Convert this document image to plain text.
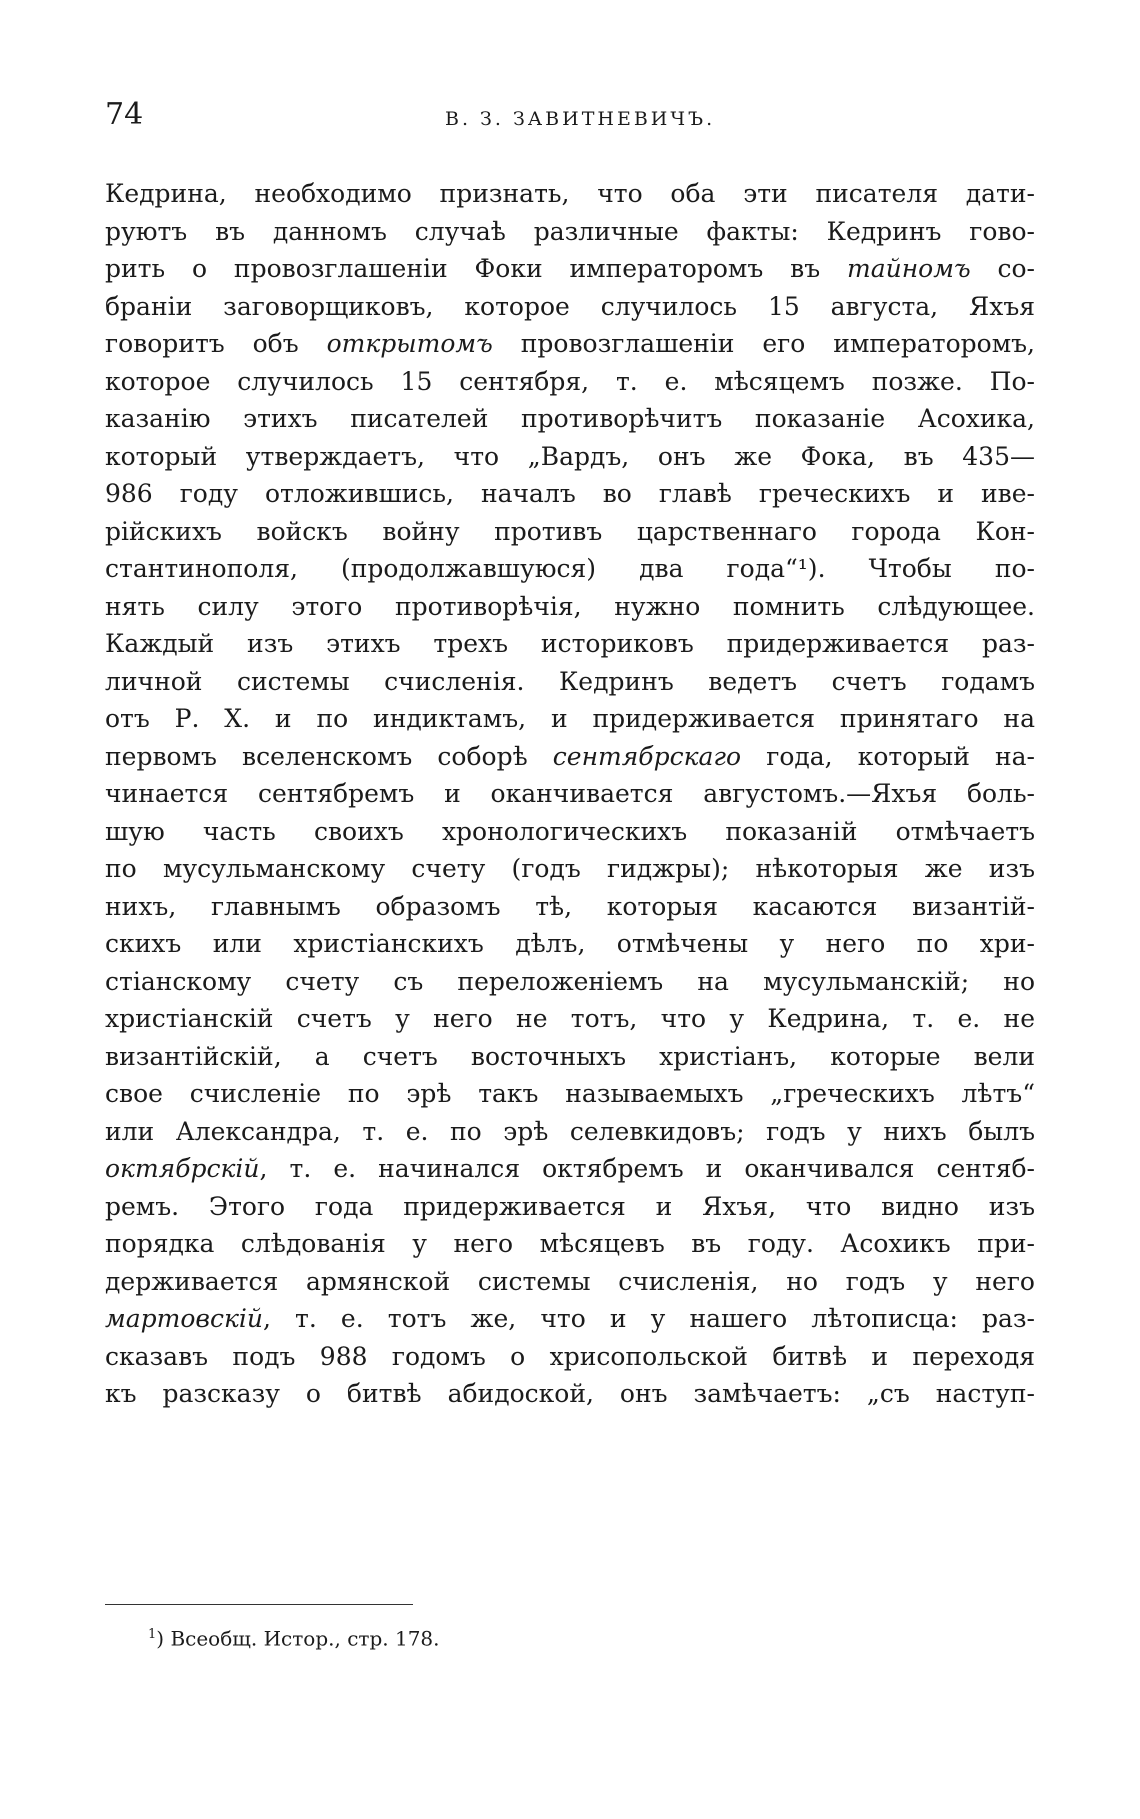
74	В. З. ЗАВИТНЕВИЧЪ.
Кедрина, необходимо признать, что оба эти писателя дати-
руютъ въ данномъ случаѣ различные факты: Кедринъ гово-
рить о провозглашеніи Фоки императоромъ въ тайномъ со-
браніи заговорщиковъ, которое случилось 15 августа, Яхъя
говоритъ объ открытомъ провозглашеніи его императоромъ,
которое случилось 15 сентября, т. е. мѣсяцемъ позже. По-
казанію этихъ писателей противорѣчитъ показаніе Асохика,
который утверждаетъ, что „Вардъ, онъ же Фока, въ 435—
986 году отложившись, началъ во главѣ греческихъ и ивe-
рійскихъ войскъ войну противъ царственнаго города Кон-
стантинополя, (продолжавшуюся) два года“¹). Чтобы по-
нять силу этого противорѣчія, нужно помнить слѣдующее.
Каждый изъ этихъ трехъ историковъ придерживается раз-
личной системы счисленія. Кедринъ ведетъ счетъ годамъ
отъ Р. Х. и по индиктамъ, и придерживается принятаго на
первомъ вселенскомъ соборѣ сентябрскаго года, который на-
чинается сентябремъ и оканчивается августомъ.—Яхъя боль-
шую часть своихъ хронологическихъ показаній отмѣчаетъ
по мусульманскому счету (годъ гиджры); нѣкоторыя же изъ
нихъ, главнымъ образомъ тѣ, которыя касаются византій-
скихъ или христіанскихъ дѣлъ, отмѣчены у него по хри-
стіанскому счету съ переложеніемъ на мусульманскій; но
христіанскій счетъ у него не тотъ, что у Кедрина, т. е. не
византійскій, а счетъ восточныхъ христіанъ, которые вели
свое счисленіе по эрѣ такъ называемыхъ „греческихъ лѣтъ“
или Александра, т. е. по эрѣ селевкидовъ; годъ у нихъ былъ
октябрскій, т. е. начинался октябремъ и оканчивался сентяб-
ремъ. Этого года придерживается и Яхъя, что видно изъ
порядка слѣдованія у него мѣсяцевъ въ году. Асохикъ при-
держивается армянской системы счисленія, но годъ у него
мартовскій, т. е. тотъ же, что и у нашего лѣтописца: раз-
сказавъ подъ 988 годомъ о хрисопольской битвѣ и переходя
къ разсказу о битвѣ абидоской, онъ замѣчаетъ: „съ наступ-
$^1$) Всеобщ. Истор., стр. 178.
